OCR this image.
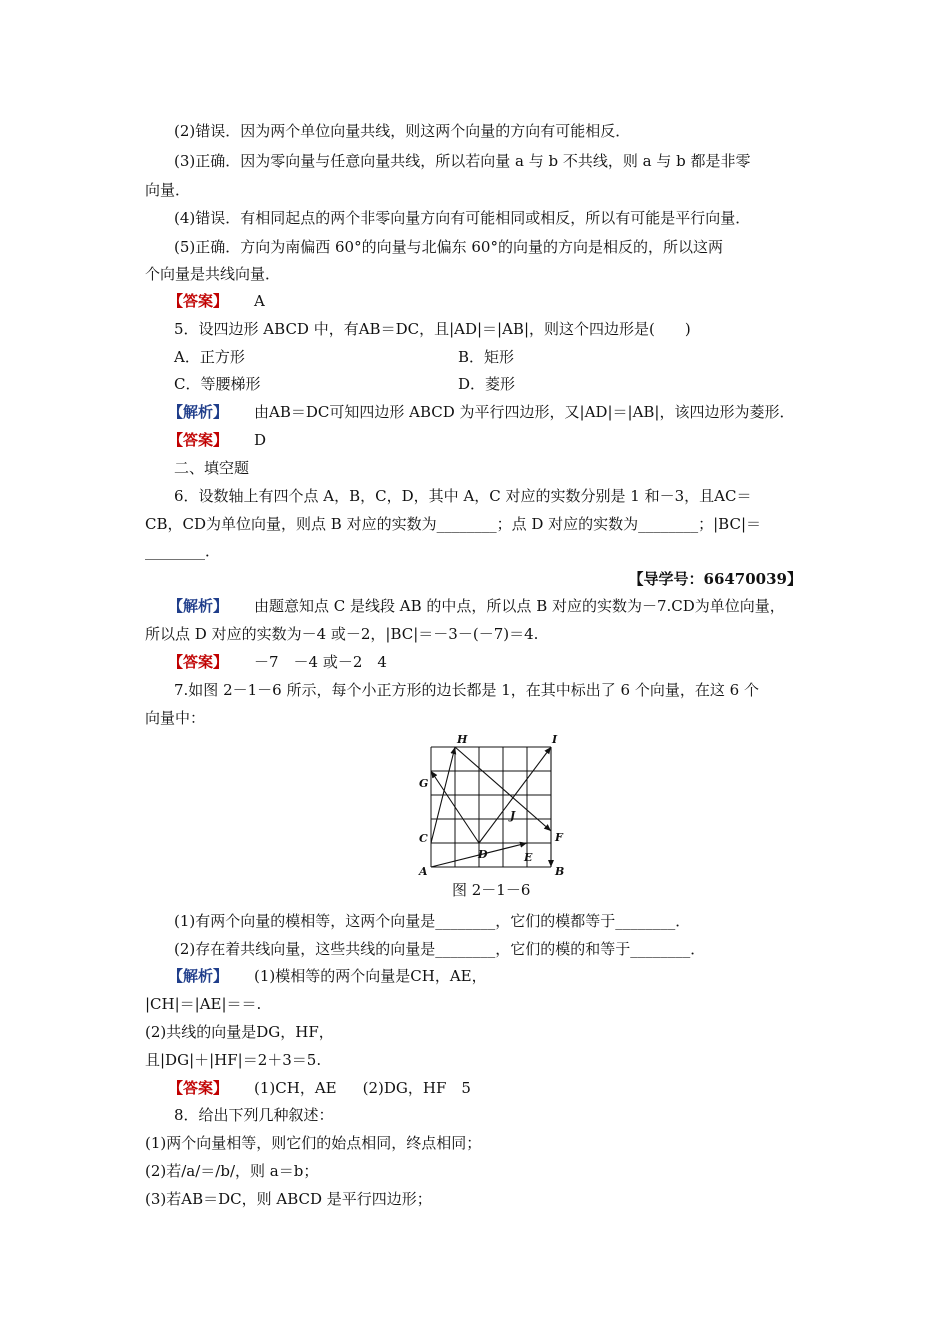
(2)错误．因为两个单位向量共线，则这两个向量的方向有可能相反．
(3)正确．因为零向量与任意向量共线，所以若向量 a 与 b 不共线，则 a 与 b 都是非零
向量．
(4)错误．有相同起点的两个非零向量方向有可能相同或相反，所以有可能是平行向量．
(5)正确．方向为南偏西 60°的向量与北偏东 60°的向量的方向是相反的，所以这两
个向量是共线向量．
【答案】 A
5．设四边形 ABCD 中，有AB＝DC，且|AD|＝|AB|，则这个四边形是(　　)
A．正方形	B．矩形
C．等腰梯形	D．菱形
【解析】 由AB＝DC可知四边形 ABCD 为平行四边形，又|AD|＝|AB|，该四边形为菱形．
【答案】 D
二、填空题
6．设数轴上有四个点 A，B，C，D，其中 A，C 对应的实数分别是 1 和－3，且AC＝
CB，CD为单位向量，则点 B 对应的实数为________；点 D 对应的实数为________；|BC|＝
________．
【导学号：66470039】
【解析】 由题意知点 C 是线段 AB 的中点，所以点 B 对应的实数为－7.CD为单位向量，
所以点 D 对应的实数为－4 或－2，|BC|＝－3－(－7)＝4.
【答案】 －7　－4 或－2　4
7.如图 2－1－6 所示，每个小正方形的边长都是 1，在其中标出了 6 个向量，在这 6 个
向量中：
H	I
G
J
F
C
D	E
A	B
图 2－1－6
(1)有两个向量的模相等，这两个向量是________，它们的模都等于________．
(2)存在着共线向量，这些共线的向量是________，它们的模的和等于________．
【解析】 (1)模相等的两个向量是CH，AE，
|CH|＝|AE|＝＝.
(2)共线的向量是DG，HF，
且|DG|＋|HF|＝2＋3＝5.
【答案】 (1)CH，AE (2)DG，HF　5
8．给出下列几种叙述：
(1)两个向量相等，则它们的始点相同，终点相同；
(2)若/a/＝/b/，则 a＝b；
(3)若AB＝DC，则 ABCD 是平行四边形；
